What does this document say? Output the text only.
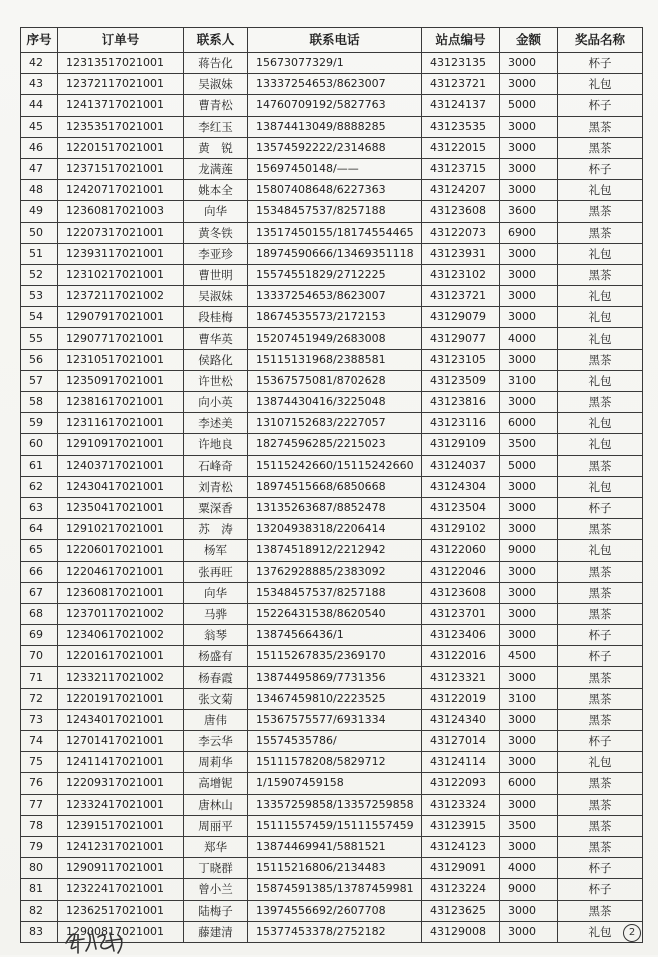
序号	订单号	联系人	联系电话	站点编号	金额	奖品名称
42	12313517021001	蒋告化	15673077329/1	43123135	3000	杯子
43	12372117021001	吴淑妹	13337254653/8623007	43123721	3000	礼包
44	12413717021001	曹青松	14760709192/5827763	43124137	5000	杯子
45	12353517021001	李红玉	13874413049/8888285	43123535	3000	黑茶
46	12201517021001	黄　锐	13574592222/2314688	43122015	3000	黑茶
47	12371517021001	龙满莲	15697450148/——	43123715	3000	杯子
48	12420717021001	姚本全	15807408648/6227363	43124207	3000	礼包
49	12360817021003	向华	15348457537/8257188	43123608	3600	黑茶
50	12207317021001	黄冬铁	13517450155/18174554465	43122073	6900	黑茶
51	12393117021001	李亚珍	18974590666/13469351118	43123931	3000	礼包
52	12310217021001	曹世明	15574551829/2712225	43123102	3000	黑茶
53	12372117021002	吴淑妹	13337254653/8623007	43123721	3000	礼包
54	12907917021001	段桂梅	18674535573/2172153	43129079	3000	礼包
55	12907717021001	曹华英	15207451949/2683008	43129077	4000	礼包
56	12310517021001	侯路化	15115131968/2388581	43123105	3000	黑茶
57	12350917021001	许世松	15367575081/8702628	43123509	3100	礼包
58	12381617021001	向小英	13874430416/3225048	43123816	3000	黑茶
59	12311617021001	李述美	13107152683/2227057	43123116	6000	礼包
60	12910917021001	许地良	18274596285/2215023	43129109	3500	礼包
61	12403717021001	石峰奇	15115242660/15115242660	43124037	5000	黑茶
62	12430417021001	刘青松	18974515668/6850668	43124304	3000	礼包
63	12350417021001	粟深香	13135263687/8852478	43123504	3000	杯子
64	12910217021001	苏　涛	13204938318/2206414	43129102	3000	黑茶
65	12206017021001	杨军	13874518912/2212942	43122060	9000	礼包
66	12204617021001	张再旺	13762928885/2383092	43122046	3000	黑茶
67	12360817021001	向华	15348457537/8257188	43123608	3000	黑茶
68	12370117021002	马骅	15226431538/8620540	43123701	3000	黑茶
69	12340617021002	翁琴	13874566436/1	43123406	3000	杯子
70	12201617021001	杨盛有	15115267835/2369170	43122016	4500	杯子
71	12332117021002	杨春霞	13874495869/7731356	43123321	3000	黑茶
72	12201917021001	张文菊	13467459810/2223525	43122019	3100	黑茶
73	12434017021001	唐伟	15367575577/6931334	43124340	3000	黑茶
74	12701417021001	李云华	15574535786/	43127014	3000	杯子
75	12411417021001	周莉华	15111578208/5829712	43124114	3000	礼包
76	12209317021001	高增铌	1/15907459158	43122093	6000	黑茶
77	12332417021001	唐林山	13357259858/13357259858	43123324	3000	黑茶
78	12391517021001	周丽平	15111557459/15111557459	43123915	3500	黑茶
79	12412317021001	郑华	13874469941/5881521	43124123	3000	黑茶
80	12909117021001	丁晓群	15115216806/2134483	43129091	4000	杯子
81	12322417021001	曾小兰	15874591385/13787459981	43123224	9000	杯子
82	12362517021001	陆梅子	13974556692/2607708	43123625	3000	黑茶
83	12900817021001	藤建清	15377453378/2752182	43129008	3000	礼包	2
